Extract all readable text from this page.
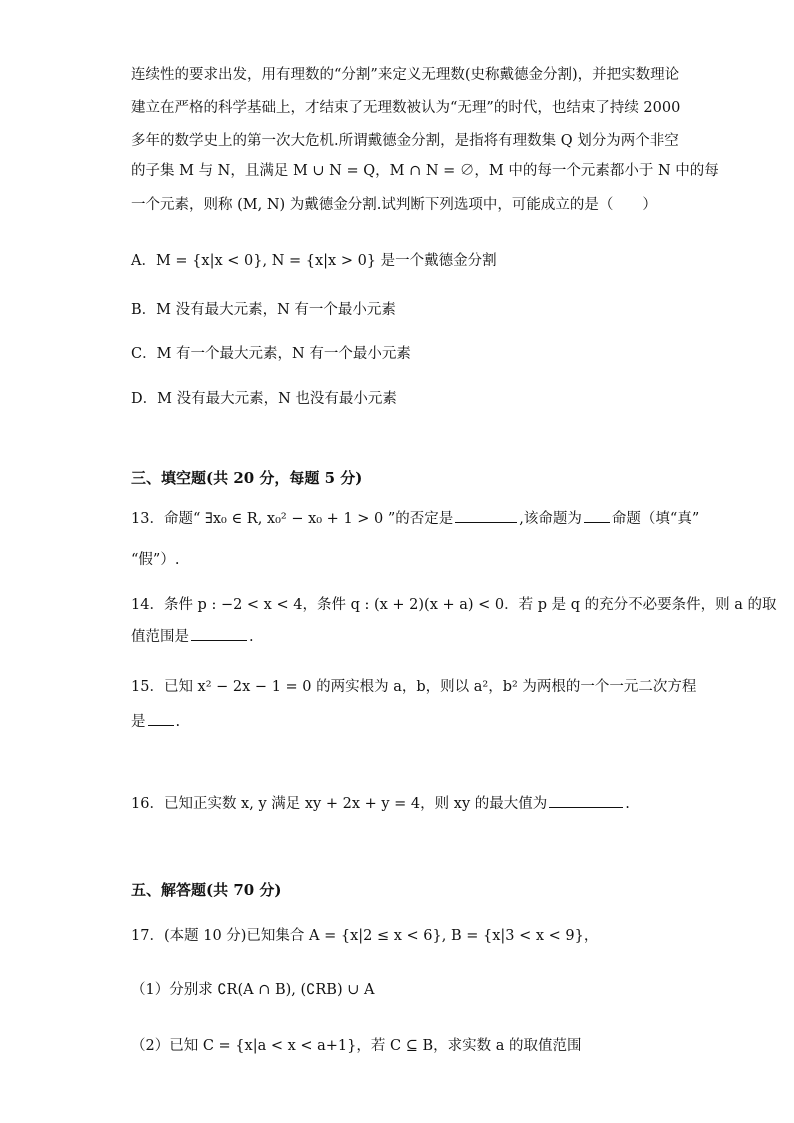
连续性的要求出发，用有理数的“分割”来定义无理数(史称戴德金分割)，并把实数理论
建立在严格的科学基础上，才结束了无理数被认为“无理”的时代，也结束了持续 2000
多年的数学史上的第一次大危机.所谓戴德金分割，是指将有理数集 Q 划分为两个非空
的子集 M 与 N，且满足 M ∪ N = Q，M ∩ N = ∅，M 中的每一个元素都小于 N 中的每
一个元素，则称 (M, N) 为戴德金分割.试判断下列选项中，可能成立的是（　　）
A．M = {x|x < 0}, N = {x|x > 0} 是一个戴德金分割
B．M 没有最大元素，N 有一个最小元素
C．M 有一个最大元素，N 有一个最小元素
D．M 没有最大元素，N 也没有最小元素
三、填空题(共 20 分，每题 5 分)
13．命题“ ∃x₀ ∈ R, x₀² − x₀ + 1 > 0 ”的否定是	,该命题为 命题（填“真”
“假”）.
14．条件 p : −2 < x < 4，条件 q : (x + 2)(x + a) < 0．若 p 是 q 的充分不必要条件，则 a 的取
值范围是	.
15．已知 x² − 2x − 1 = 0 的两实根为 a，b，则以 a²，b² 为两根的一个一元二次方程
是 .
16．已知正实数 x, y 满足 xy + 2x + y = 4，则 xy 的最大值为	.
五、解答题(共 70 分)
17．(本题 10 分)已知集合 A = {x|2 ≤ x < 6}, B = {x|3 < x < 9}，
（1）分别求 ∁R(A ∩ B), (∁RB) ∪ A
（2）已知 C = {x|a < x < a+1}，若 C ⊆ B，求实数 a 的取值范围
